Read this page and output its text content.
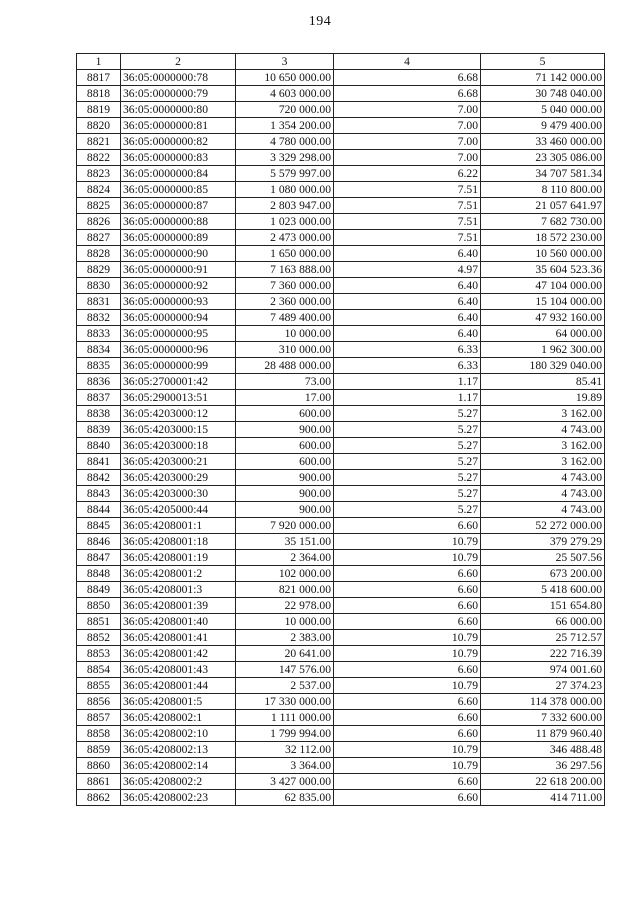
194
1	2	3	4	5
8817	36:05:0000000:78	10 650 000.00	6.68	71 142 000.00
8818	36:05:0000000:79	4 603 000.00	6.68	30 748 040.00
8819	36:05:0000000:80	720 000.00	7.00	5 040 000.00
8820	36:05:0000000:81	1 354 200.00	7.00	9 479 400.00
8821	36:05:0000000:82	4 780 000.00	7.00	33 460 000.00
8822	36:05:0000000:83	3 329 298.00	7.00	23 305 086.00
8823	36:05:0000000:84	5 579 997.00	6.22	34 707 581.34
8824	36:05:0000000:85	1 080 000.00	7.51	8 110 800.00
8825	36:05:0000000:87	2 803 947.00	7.51	21 057 641.97
8826	36:05:0000000:88	1 023 000.00	7.51	7 682 730.00
8827	36:05:0000000:89	2 473 000.00	7.51	18 572 230.00
8828	36:05:0000000:90	1 650 000.00	6.40	10 560 000.00
8829	36:05:0000000:91	7 163 888.00	4.97	35 604 523.36
8830	36:05:0000000:92	7 360 000.00	6.40	47 104 000.00
8831	36:05:0000000:93	2 360 000.00	6.40	15 104 000.00
8832	36:05:0000000:94	7 489 400.00	6.40	47 932 160.00
8833	36:05:0000000:95	10 000.00	6.40	64 000.00
8834	36:05:0000000:96	310 000.00	6.33	1 962 300.00
8835	36:05:0000000:99	28 488 000.00	6.33	180 329 040.00
8836	36:05:2700001:42	73.00	1.17	85.41
8837	36:05:2900013:51	17.00	1.17	19.89
8838	36:05:4203000:12	600.00	5.27	3 162.00
8839	36:05:4203000:15	900.00	5.27	4 743.00
8840	36:05:4203000:18	600.00	5.27	3 162.00
8841	36:05:4203000:21	600.00	5.27	3 162.00
8842	36:05:4203000:29	900.00	5.27	4 743.00
8843	36:05:4203000:30	900.00	5.27	4 743.00
8844	36:05:4205000:44	900.00	5.27	4 743.00
8845	36:05:4208001:1	7 920 000.00	6.60	52 272 000.00
8846	36:05:4208001:18	35 151.00	10.79	379 279.29
8847	36:05:4208001:19	2 364.00	10.79	25 507.56
8848	36:05:4208001:2	102 000.00	6.60	673 200.00
8849	36:05:4208001:3	821 000.00	6.60	5 418 600.00
8850	36:05:4208001:39	22 978.00	6.60	151 654.80
8851	36:05:4208001:40	10 000.00	6.60	66 000.00
8852	36:05:4208001:41	2 383.00	10.79	25 712.57
8853	36:05:4208001:42	20 641.00	10.79	222 716.39
8854	36:05:4208001:43	147 576.00	6.60	974 001.60
8855	36:05:4208001:44	2 537.00	10.79	27 374.23
8856	36:05:4208001:5	17 330 000.00	6.60	114 378 000.00
8857	36:05:4208002:1	1 111 000.00	6.60	7 332 600.00
8858	36:05:4208002:10	1 799 994.00	6.60	11 879 960.40
8859	36:05:4208002:13	32 112.00	10.79	346 488.48
8860	36:05:4208002:14	3 364.00	10.79	36 297.56
8861	36:05:4208002:2	3 427 000.00	6.60	22 618 200.00
8862	36:05:4208002:23	62 835.00	6.60	414 711.00
